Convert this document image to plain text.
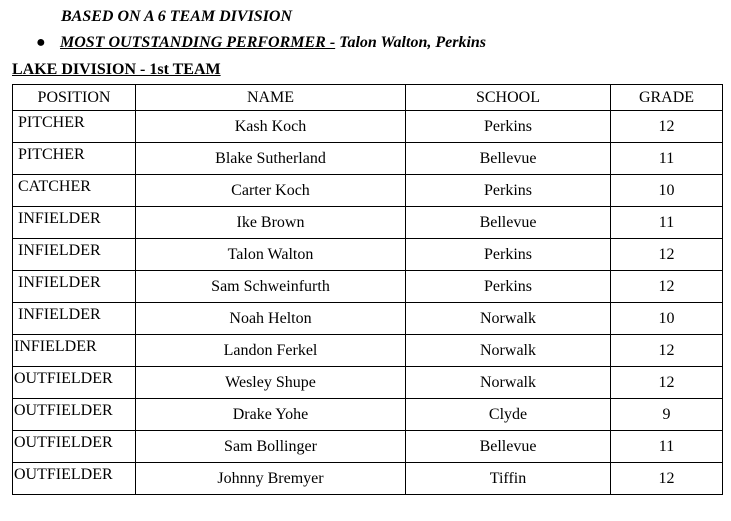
BASED ON A 6 TEAM DIVISION
● MOST OUTSTANDING PERFORMER - Talon Walton, Perkins
LAKE DIVISION - 1st TEAM
POSITION	NAME	SCHOOL	GRADE
PITCHER	Kash Koch	Perkins	12
PITCHER	Blake Sutherland	Bellevue	11
CATCHER	Carter Koch	Perkins	10
INFIELDER	Ike Brown	Bellevue	11
INFIELDER	Talon Walton	Perkins	12
INFIELDER	Sam Schweinfurth	Perkins	12
INFIELDER	Noah Helton	Norwalk	10
INFIELDER	Landon Ferkel	Norwalk	12
OUTFIELDER	Wesley Shupe	Norwalk	12
OUTFIELDER	Drake Yohe	Clyde	9
OUTFIELDER	Sam Bollinger	Bellevue	11
OUTFIELDER	Johnny Bremyer	Tiffin	12
